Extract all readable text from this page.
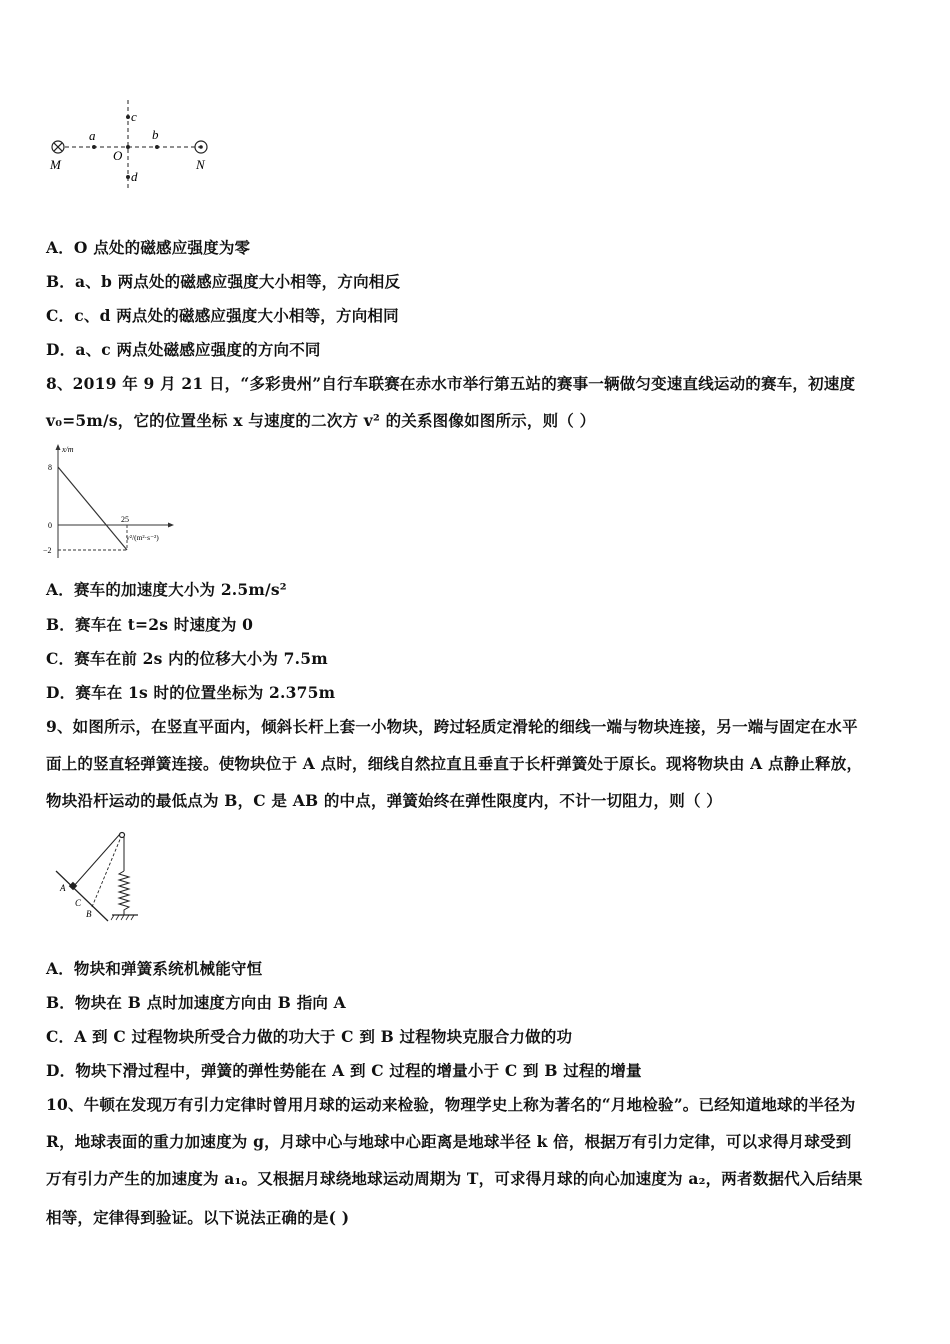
a	b
c
d
O
M	N
A．O 点处的磁感应强度为零
B．a、b 两点处的磁感应强度大小相等，方向相反
C．c、d 两点处的磁感应强度大小相等，方向相同
D．a、c 两点处磁感应强度的方向不同
8、2019 年 9 月 21 日，“多彩贵州”自行车联赛在赤水市举行第五站的赛事一辆做匀变速直线运动的赛车，初速度
v₀=5m/s，它的位置坐标 x 与速度的二次方 v² 的关系图像如图所示，则（ ）
x/m
8
0
−2
25
v²/(m²·s⁻²)
A．赛车的加速度大小为 2.5m/s²
B．赛车在 t=2s 时速度为 0
C．赛车在前 2s 内的位移大小为 7.5m
D．赛车在 1s 时的位置坐标为 2.375m
9、如图所示，在竖直平面内，倾斜长杆上套一小物块，跨过轻质定滑轮的细线一端与物块连接，另一端与固定在水平
面上的竖直轻弹簧连接。使物块位于 A 点时，细线自然拉直且垂直于长杆弹簧处于原长。现将物块由 A 点静止释放，
物块沿杆运动的最低点为 B，C 是 AB 的中点，弹簧始终在弹性限度内，不计一切阻力，则（ ）
A
C
B
A．物块和弹簧系统机械能守恒
B．物块在 B 点时加速度方向由 B 指向 A
C．A 到 C 过程物块所受合力做的功大于 C 到 B 过程物块克服合力做的功
D．物块下滑过程中，弹簧的弹性势能在 A 到 C 过程的增量小于 C 到 B 过程的增量
10、牛顿在发现万有引力定律时曾用月球的运动来检验，物理学史上称为著名的“月地检验”。已经知道地球的半径为
R，地球表面的重力加速度为 g，月球中心与地球中心距离是地球半径 k 倍，根据万有引力定律，可以求得月球受到
万有引力产生的加速度为 a₁。又根据月球绕地球运动周期为 T，可求得月球的向心加速度为 a₂，两者数据代入后结果
相等，定律得到验证。以下说法正确的是( )
